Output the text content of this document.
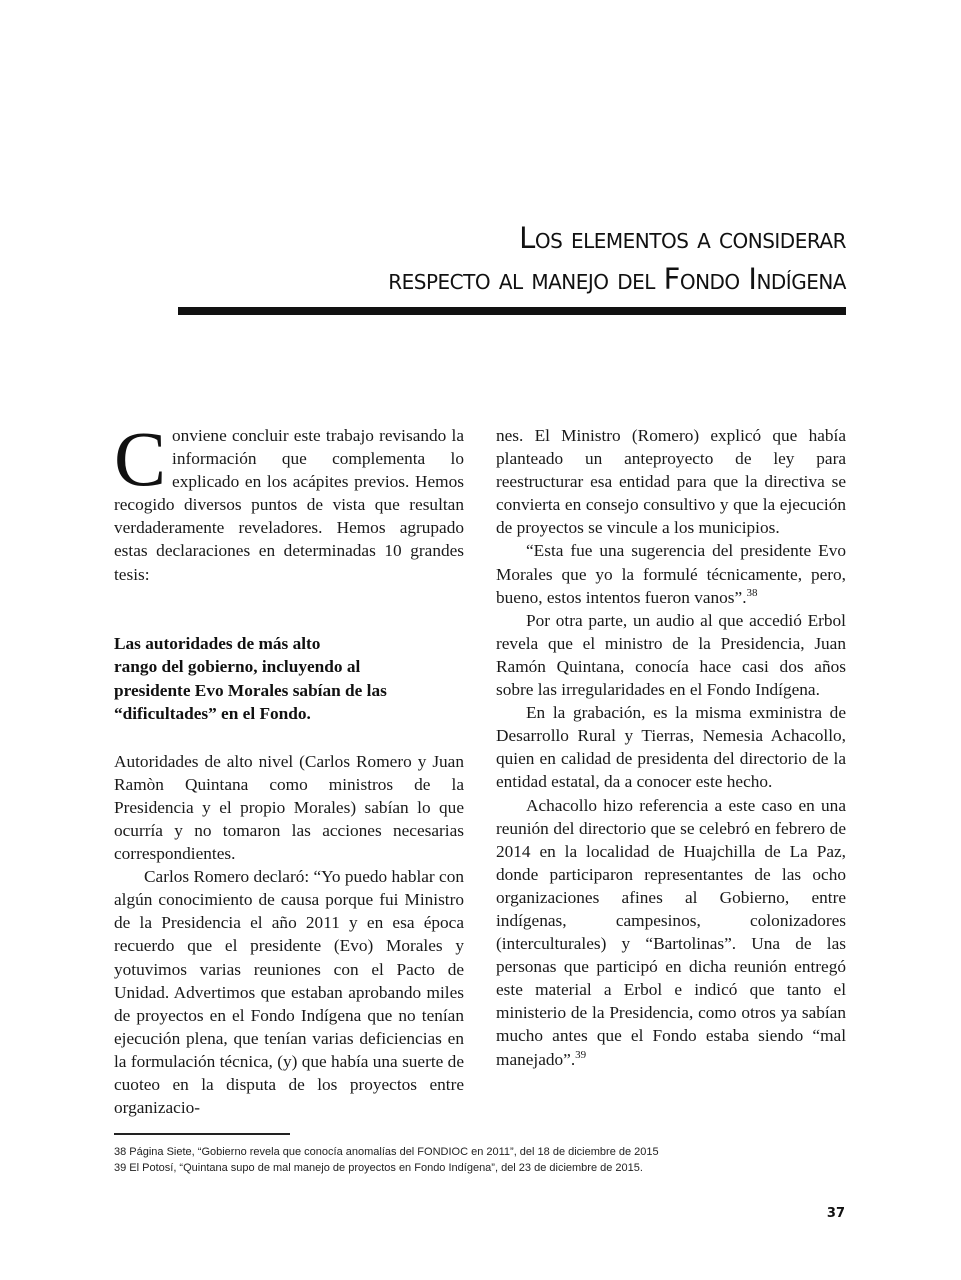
Los elementos a considerar
respecto al manejo del Fondo Indígena

Conviene concluir este trabajo revisando la información que complementa lo explicado en los acápites previos. Hemos recogido diversos puntos de vista que resultan verdaderamente reveladores. Hemos agrupado estas declaraciones en determinadas 10 grandes tesis:

Las autoridades de más alto
rango del gobierno, incluyendo al
presidente Evo Morales sabían de las
“dificultades” en el Fondo.

Autoridades de alto nivel (Carlos Romero y Juan Ramòn Quintana como ministros de la Presidencia y el propio Morales) sabían lo que ocurría y no tomaron las acciones necesarias correspondientes.

Carlos Romero declaró: “Yo puedo hablar con algún conocimiento de causa porque fui Ministro de la Presidencia el año 2011 y en esa época recuerdo que el presidente (Evo) Morales y yotuvimos varias reuniones con el Pacto de Unidad. Advertimos que estaban aprobando miles de proyectos en el Fondo Indígena que no tenían ejecución plena, que tenían varias deficiencias en la formulación técnica, (y) que había una suerte de cuoteo en la disputa de los proyectos entre organizacio-

nes. El Ministro (Romero) explicó que había planteado un anteproyecto de ley para reestructurar esa entidad para que la directiva se convierta en consejo consultivo y que la ejecución de proyectos se vincule a los municipios.

“Esta fue una sugerencia del presidente Evo Morales que yo la formulé técnicamente, pero, bueno, estos intentos fueron vanos”.$^{38}$

Por otra parte, un audio al que accedió Erbol revela que el ministro de la Presidencia, Juan Ramón Quintana, conocía hace casi dos años sobre las irregularidades en el Fondo Indígena.

En la grabación, es la misma exministra de Desarrollo Rural y Tierras, Nemesia Achacollo, quien en calidad de presidenta del directorio de la entidad estatal, da a conocer este hecho.

Achacollo hizo referencia a este caso en una reunión del directorio que se celebró en febrero de 2014 en la localidad de Huajchilla de La Paz, donde participaron representantes de las ocho organizaciones afines al Gobierno, entre indígenas, campesinos, colonizadores (interculturales) y “Bartolinas”. Una de las personas que participó en dicha reunión entregó este material a Erbol e indicó que tanto el ministerio de la Presidencia, como otros ya sabían mucho antes que el Fondo estaba siendo “mal manejado”.$^{39}$

38 Página Siete, “Gobierno revela que conocía anomalías del FONDIOC en 2011”, del 18 de diciembre de 2015
39 El Potosí, “Quintana supo de mal manejo de proyectos en Fondo Indígena”, del 23 de diciembre de 2015.
37
